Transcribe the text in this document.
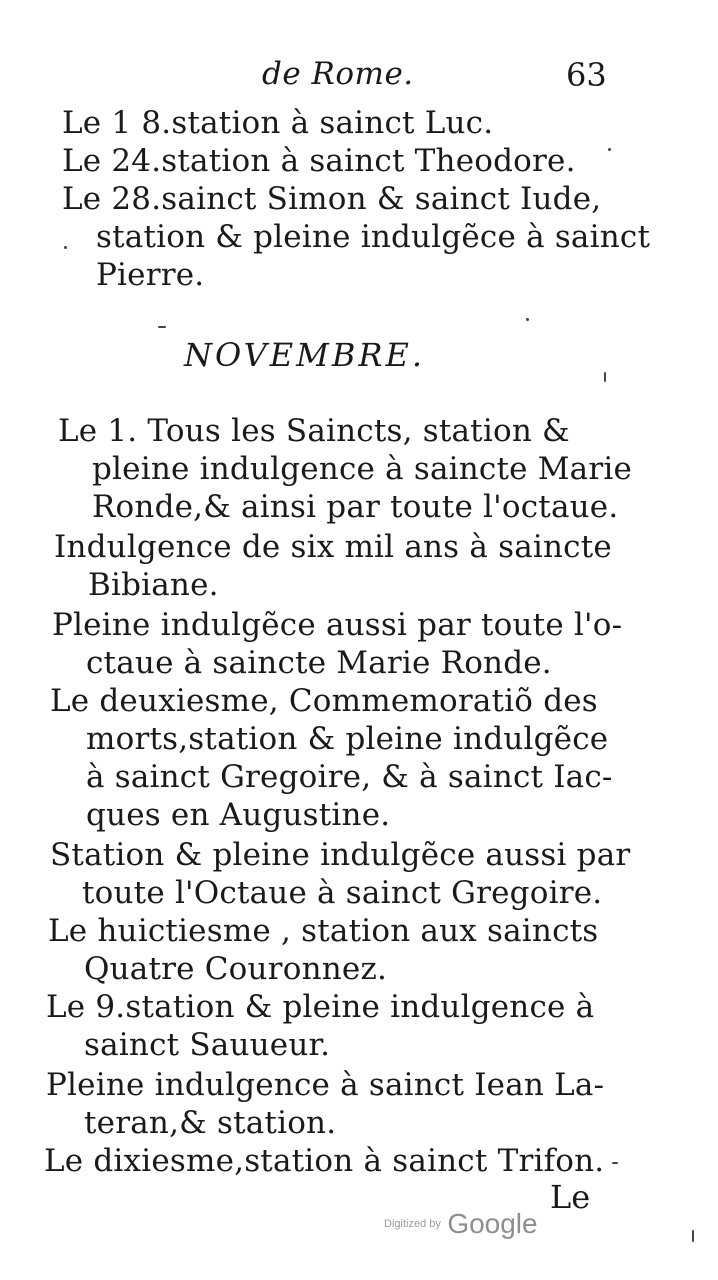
de Rome.	63
Le 1 8.station à sainct Luc.
Le 24.station à sainct Theodore.
Le 28.sainct Simon & sainct Iude,
station & pleine indulgẽce à sainct
Pierre.
NOVEMBRE.
Le 1. Tous les Saincts, station &
pleine indulgence à saincte Marie
Ronde,& ainsi par toute l'octaue.
Indulgence de six mil ans à saincte
Bibiane.
Pleine indulgẽce aussi par toute l'o-
ctaue à saincte Marie Ronde.
Le deuxiesme, Commemoratiõ des
morts,station & pleine indulgẽce
à sainct Gregoire, & à sainct Iac-
ques en Augustine.
Station & pleine indulgẽce aussi par
toute l'Octaue à sainct Gregoire.
Le huictiesme , station aux saincts
Quatre Couronnez.
Le 9.station & pleine indulgence à
sainct Sauueur.
Pleine indulgence à sainct Iean La-
teran,& station.
Le dixiesme,station à sainct Trifon.
Le
Digitized by Google
